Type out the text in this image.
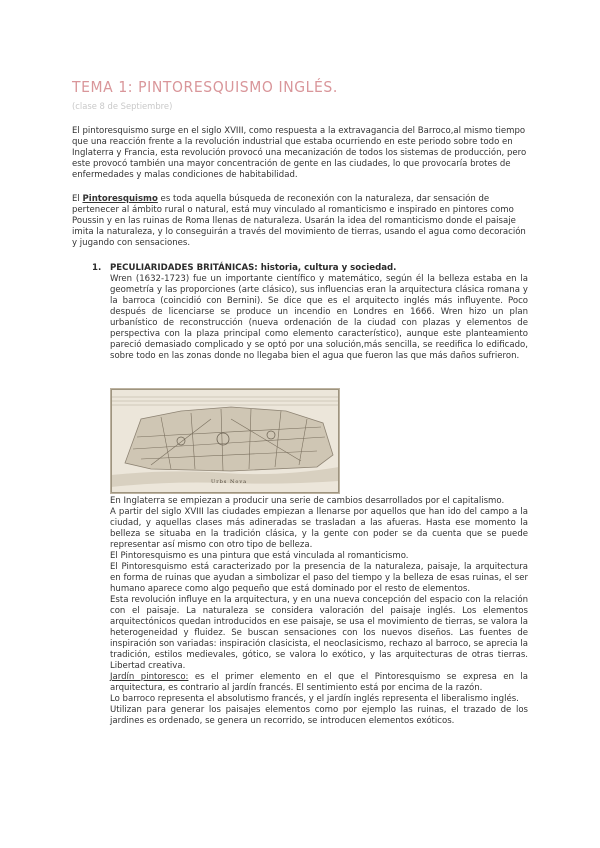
TEMA 1: PINTORESQUISMO INGLÉS.
(clase 8 de Septiembre)

El pintoresquismo surge en el siglo XVIII, como respuesta a la extravagancia del Barroco,al mismo tiempo que una reacción frente a la revolución industrial que estaba ocurriendo en este periodo sobre todo en Inglaterra y Francia, esta revolución provocó una mecanización de todos los sistemas de producción, pero este provocó también una mayor concentración de gente en las ciudades, lo que provocaría brotes de enfermedades y malas condiciones de habitabilidad.

El Pintoresquismo es toda aquella búsqueda de reconexión con la naturaleza, dar sensación de pertenecer al ámbito rural o natural, está muy vinculado al romanticismo e inspirado en pintores como Poussin y en las ruinas de Roma llenas de naturaleza. Usarán la idea del romanticismo donde el paisaje imita la naturaleza, y lo conseguirán a través del movimiento de tierras, usando el agua como decoración y jugando con sensaciones.

1. PECULIARIDADES BRITÁNICAS: historia, cultura y sociedad.

Wren (1632-1723) fue un importante científico y matemático, según él la belleza estaba en la geometría y las proporciones (arte clásico), sus influencias eran la arquitectura clásica romana y la barroca (coincidió con Bernini). Se dice que es el arquitecto inglés más influyente. Poco después de licenciarse se produce un incendio en Londres en 1666. Wren hizo un plan urbanístico de reconstrucción (nueva ordenación de la ciudad con plazas y elementos de perspectiva con la plaza principal como elemento característico), aunque este planteamiento pareció demasiado complicado y se optó por una solución,más sencilla, se reedifica lo edificado, sobre todo en las zonas donde no llegaba bien el agua que fueron las que más daños sufrieron.

Urbs Nova

En Inglaterra se empiezan a producir una serie de cambios desarrollados por el capitalismo.

A partir del siglo XVIII las ciudades empiezan a llenarse por aquellos que han ido del campo a la ciudad, y aquellas clases más adineradas se trasladan a las afueras. Hasta ese momento la belleza se situaba en la tradición clásica, y la gente con poder se da cuenta que se puede representar así mismo con otro tipo de belleza.

El Pintoresquismo es una pintura que está vinculada al romanticismo.

El Pintoresquismo está caracterizado por la presencia de la naturaleza, paisaje, la arquitectura en forma de ruinas que ayudan a simbolizar el paso del tiempo y la belleza de esas ruinas, el ser humano aparece como algo pequeño que está dominado por el resto de elementos.

Esta revolución influye en la arquitectura, y en una nueva concepción del espacio con la relación con el paisaje. La naturaleza se considera valoración del paisaje inglés. Los elementos arquitectónicos quedan introducidos en ese paisaje, se usa el movimiento de tierras, se valora la heterogeneidad y fluidez. Se buscan sensaciones con los nuevos diseños. Las fuentes de inspiración son variadas: inspiración clasicista, el neoclasicismo, rechazo al barroco, se aprecia la tradición, estilos medievales, gótico, se valora lo exótico, y las arquitecturas de otras tierras. Libertad creativa.

Jardín pintoresco: es el primer elemento en el que el Pintoresquismo se expresa en la arquitectura, es contrario al jardín francés. El sentimiento está por encima de la razón.

Lo barroco representa el absolutismo francés, y el jardín inglés representa el liberalismo inglés.

Utilizan para generar los paisajes elementos como por ejemplo las ruinas, el trazado de los jardines es ordenado, se genera un recorrido, se introducen elementos exóticos.
